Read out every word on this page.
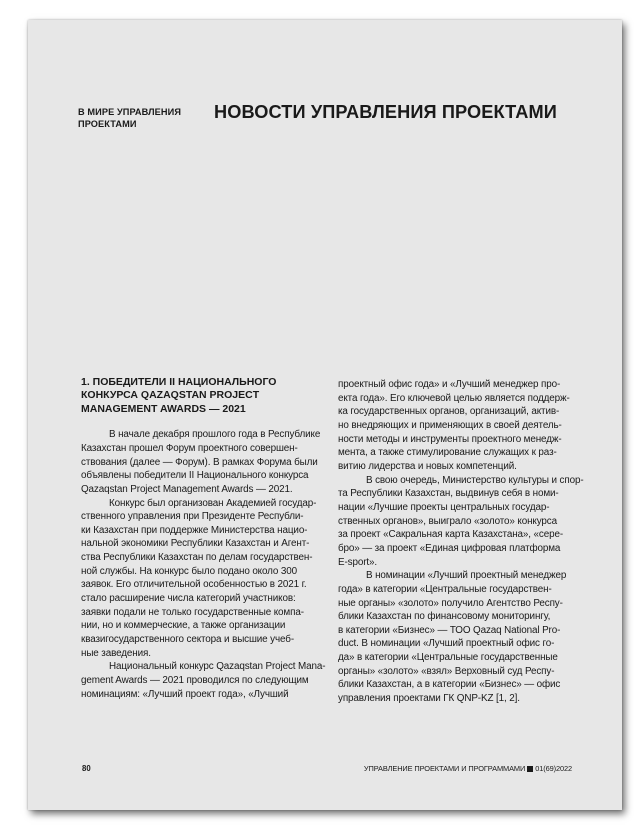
В МИРЕ УПРАВЛЕНИЯ
ПРОЕКТАМИ
НОВОСТИ УПРАВЛЕНИЯ ПРОЕКТАМИ
1. ПОБЕДИТЕЛИ II НАЦИОНАЛЬНОГО
КОНКУРСА QAZAQSTAN PROJECT
MANAGEMENT AWARDS — 2021

В начале декабря прошлого года в Республике
Казахстан прошел Форум проектного совершен-
ствования (далее — Форум). В рамках Форума были
объявлены победители II Национального конкурса
Qazaqstan Project Management Awards — 2021.

Конкурс был организован Академией государ-
ственного управления при Президенте Республи-
ки Казахстан при поддержке Министерства нацио-
нальной экономики Республики Казахстан и Агент-
ства Республики Казахстан по делам государствен-
ной службы. На конкурс было подано около 300
заявок. Его отличительной особенностью в 2021 г.
стало расширение числа категорий участников:
заявки подали не только государственные компа-
нии, но и коммерческие, а также организации
квазигосударственного сектора и высшие учеб-
ные заведения.

Национальный конкурс Qazaqstan Project Mana-
gement Awards — 2021 проводился по следующим
номинациям: «Лучший проект года», «Лучший

проектный офис года» и «Лучший менеджер про-
екта года». Его ключевой целью является поддерж-
ка государственных органов, организаций, актив-
но внедряющих и применяющих в своей деятель-
ности методы и инструменты проектного менедж-
мента, а также стимулирование служащих к раз-
витию лидерства и новых компетенций.

В свою очередь, Министерство культуры и спор-
та Республики Казахстан, выдвинув себя в номи-
нации «Лучшие проекты центральных государ-
ственных органов», выиграло «золото» конкурса
за проект «Сакральная карта Казахстана», «сере-
бро» — за проект «Единая цифровая платформа
E-sport».

В номинации «Лучший проектный менеджер
года» в категории «Центральные государствен-
ные органы» «золото» получило Агентство Респу-
блики Казахстан по финансовому мониторингу,
в категории «Бизнес» — ТОО Qazaq National Pro-
duct. В номинации «Лучший проектный офис го-
да» в категории «Центральные государственные
органы» «золото» «взял» Верховный суд Респу-
блики Казахстан, а в категории «Бизнес» — офис
управления проектами ГК QNP-KZ [1, 2].

80	УПРАВЛЕНИЕ ПРОЕКТАМИ И ПРОГРАММАМИ 01(69)2022
